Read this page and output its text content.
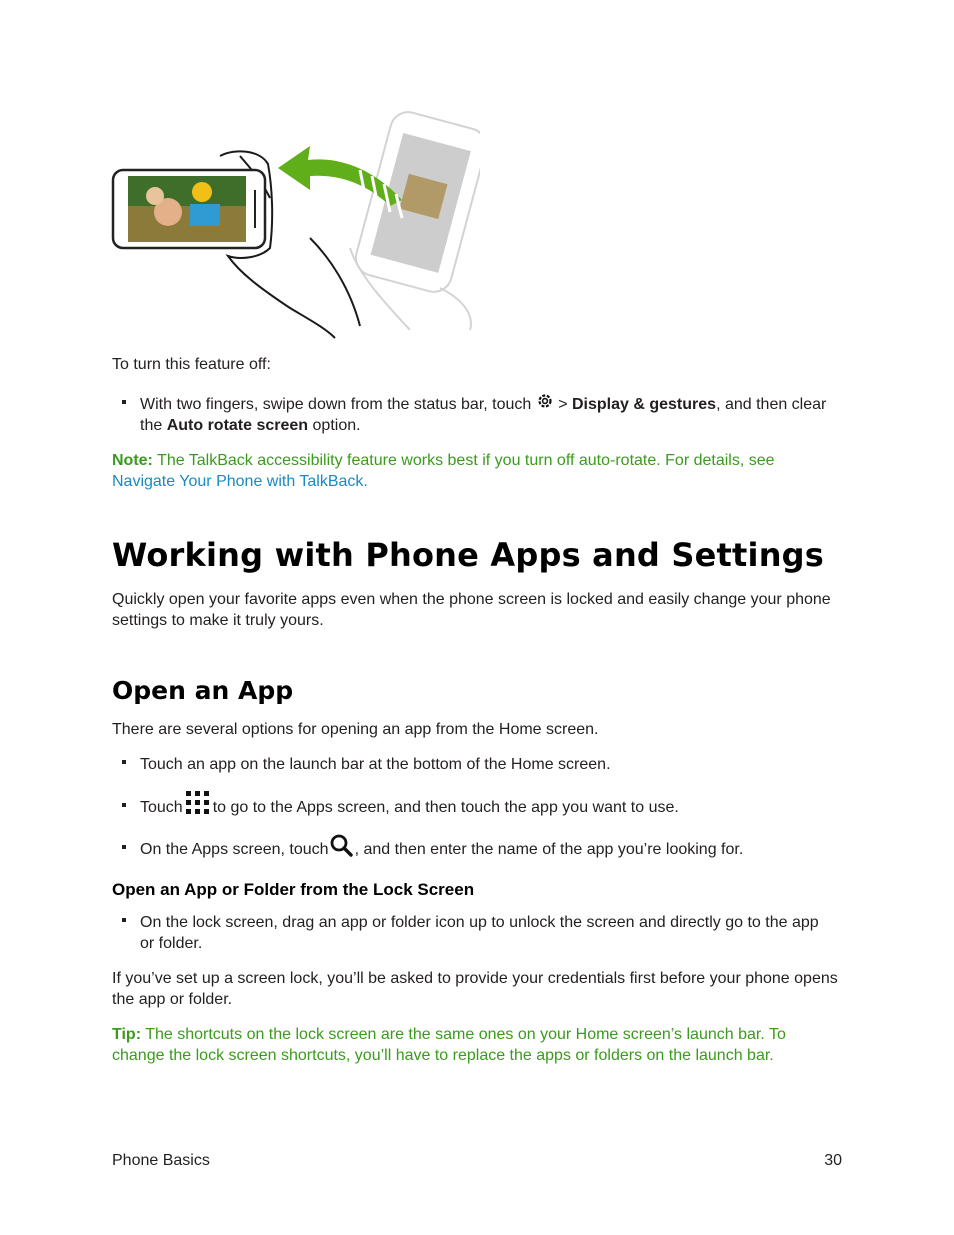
To turn this feature off:

With two fingers, swipe down from the status bar, touch > Display & gestures, and then clear the Auto rotate screen option.

Note: The TalkBack accessibility feature works best if you turn off auto-rotate. For details, see Navigate Your Phone with TalkBack.

Working with Phone Apps and Settings

Quickly open your favorite apps even when the phone screen is locked and easily change your phone settings to make it truly yours.

Open an App

There are several options for opening an app from the Home screen.

Touch an app on the launch bar at the bottom of the Home screen.
Touch to go to the Apps screen, and then touch the app you want to use.
On the Apps screen, touch , and then enter the name of the app you’re looking for.
Open an App or Folder from the Lock Screen
On the lock screen, drag an app or folder icon up to unlock the screen and directly go to the app or folder.

If you’ve set up a screen lock, you’ll be asked to provide your credentials first before your phone opens the app or folder.

Tip: The shortcuts on the lock screen are the same ones on your Home screen’s launch bar. To change the lock screen shortcuts, you’ll have to replace the apps or folders on the launch bar.

Phone Basics	30
